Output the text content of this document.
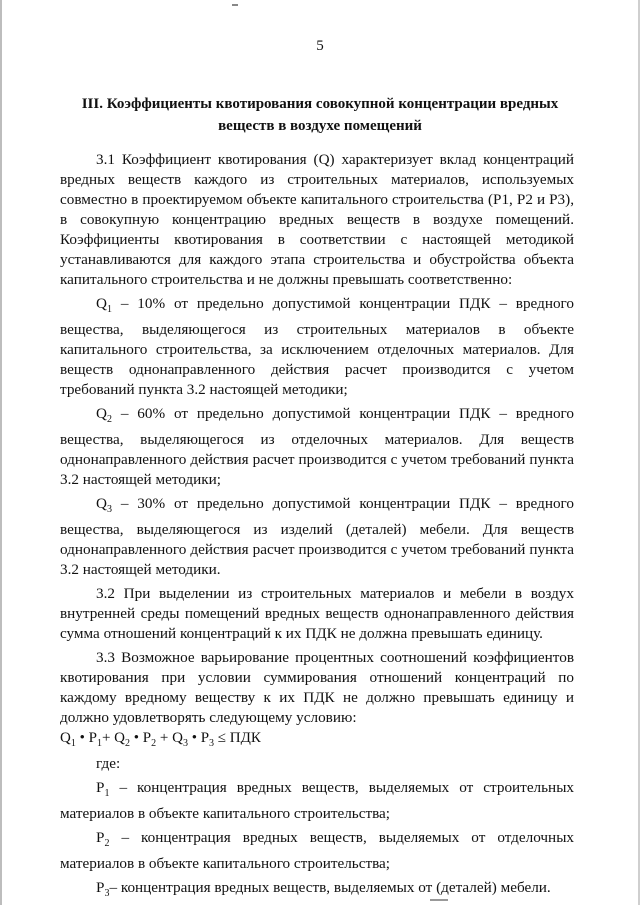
5
III. Коэффициенты квотирования совокупной концентрации вредных веществ в воздухе помещений

3.1 Коэффициент квотирования (Q) характеризует вклад концентраций вредных веществ каждого из строительных материалов, используемых совместно в проектируемом объекте капитального строительства (Р1, Р2 и Р3), в совокупную концентрацию вредных веществ в воздухе помещений. Коэффициенты квотирования в соответствии с настоящей методикой устанавливаются для каждого этапа строительства и обустройства объекта капитального строительства и не должны превышать соответственно:

$Q_1 - 10\%$ от предельно допустимой концентрации ПДК – вредного вещества, выделяющегося из строительных материалов в объекте капитального строительства, за исключением отделочных материалов. Для веществ однонаправленного действия расчет производится с учетом требований пункта 3.2 настоящей методики;

$Q_2 - 60\%$ от предельно допустимой концентрации ПДК – вредного вещества, выделяющегося из отделочных материалов. Для веществ однонаправленного действия расчет производится с учетом требований пункта 3.2 настоящей методики;

$Q_3 - 30\%$ от предельно допустимой концентрации ПДК – вредного вещества, выделяющегося из изделий (деталей) мебели. Для веществ однонаправленного действия расчет производится с учетом требований пункта 3.2 настоящей методики.

3.2 При выделении из строительных материалов и мебели в воздух внутренней среды помещений вредных веществ однонаправленного действия сумма отношений концентраций к их ПДК не должна превышать единицу.

3.3 Возможное варьирование процентных соотношений коэффициентов квотирования при условии суммирования отношений концентраций по каждому вредному веществу к их ПДК не должно превышать единицу и должно удовлетворять следующему условию:

$Q_1$ • $P_1+ Q_2$ • $P_2 + Q_3$ • $P_3$ ≤ ПДК

где:

$P_1$ – концентрация вредных веществ, выделяемых от строительных материалов в объекте капитального строительства;

$P_2$ – концентрация вредных веществ, выделяемых от отделочных материалов в объекте капитального строительства;

$P_3-$ концентрация вредных веществ, выделяемых от (деталей) мебели.
